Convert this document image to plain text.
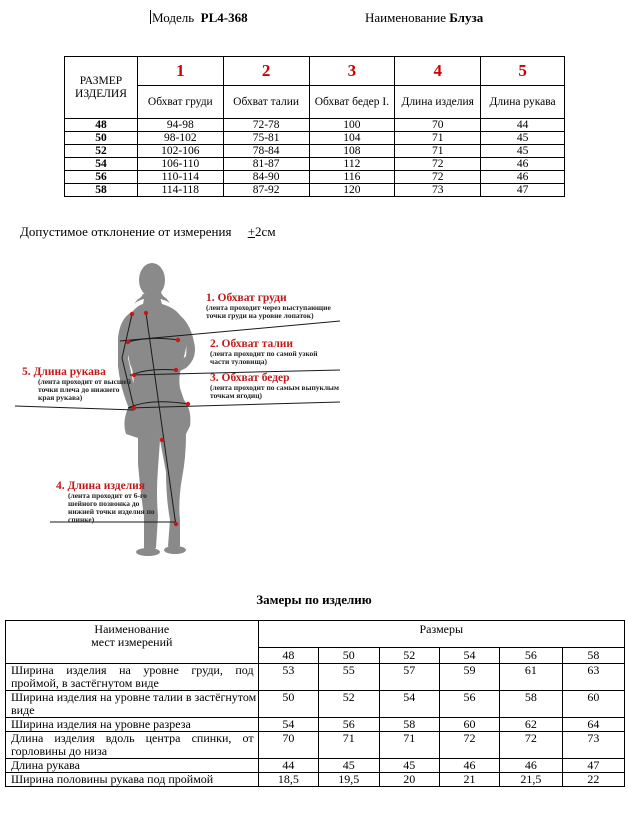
Модель PL4-368	Наименование Блуза
РАЗМЕР ИЗДЕЛИЯ	1	2	3	4	5
	Обхват груди	Обхват талии	Обхват бедер I.	Длина изделия	Длина рукава
48	94-98	72-78	100	70	44
50	98-102	75-81	104	71	45
52	102-106	78-84	108	71	45
54	106-110	81-87	112	72	46
56	110-114	84-90	116	72	46
58	114-118	87-92	120	73	47
Допустимое отклонение от измерения +2см
1. Обхват груди
(лента проходит через выступающие точки груди на уровне лопаток)
2. Обхват талии
(лента проходит по самой узкой части туловища)
3. Обхват бедер
(лента проходит по самым выпуклым точкам ягодиц)
5. Длина рукава
(лента проходит от высшей точки плеча до нижнего края рукава)
4. Длина изделия
(лента проходит от 6-го шейного позвонка до нижней точки изделия по спинке)
Замеры по изделию
Наименование
мест измерений	Размеры					
	48	50	52	54	56	58
Ширина изделия на уровне груди, под проймой, в застёгнутом виде	53	55	57	59	61	63
Ширина изделия на уровне талии в застёгнутом виде	50	52	54	56	58	60
Ширина изделия на уровне разреза	54	56	58	60	62	64
Длина изделия вдоль центра спинки, от горловины до низа	70	71	71	72	72	73
Длина рукава	44	45	45	46	46	47
Ширина половины рукава под проймой	18,5	19,5	20	21	21,5	22
